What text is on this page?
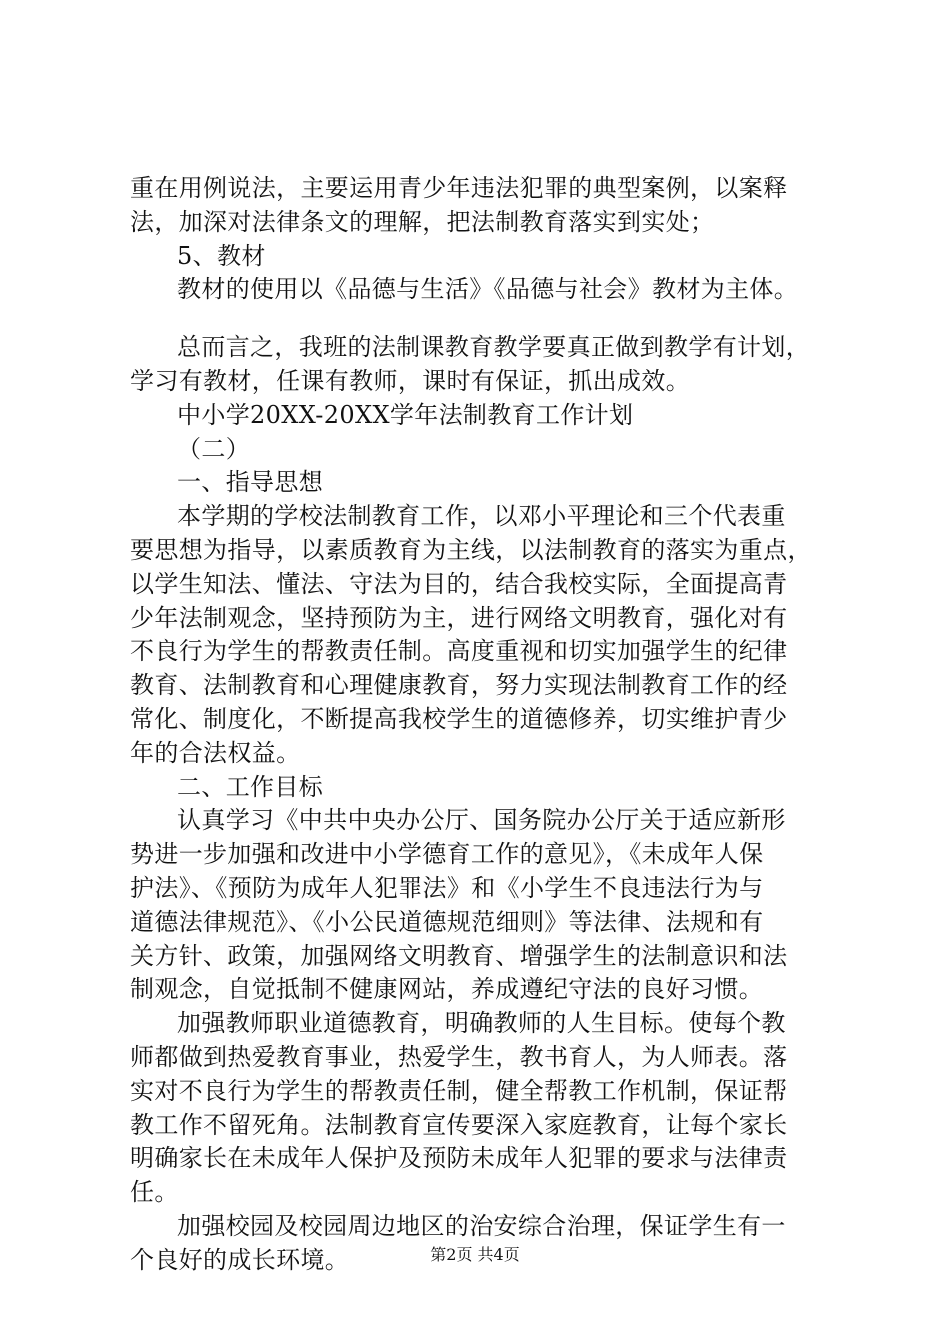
重在用例说法，主要运用青少年违法犯罪的典型案例，以案释
法，加深对法律条文的理解，把法制教育落实到实处；
5、教材
教材的使用以《品德与生活》《品德与社会》教材为主体。
总而言之，我班的法制课教育教学要真正做到教学有计划，
学习有教材，任课有教师，课时有保证，抓出成效。
中小学20XX-20XX学年法制教育工作计划
（二）
一、指导思想
本学期的学校法制教育工作，以邓小平理论和三个代表重
要思想为指导，以素质教育为主线，以法制教育的落实为重点，
以学生知法、懂法、守法为目的，结合我校实际，全面提高青
少年法制观念，坚持预防为主，进行网络文明教育，强化对有
不良行为学生的帮教责任制。高度重视和切实加强学生的纪律
教育、法制教育和心理健康教育，努力实现法制教育工作的经
常化、制度化，不断提高我校学生的道德修养，切实维护青少
年的合法权益。
二、工作目标
认真学习《中共中央办公厅、国务院办公厅关于适应新形
势进一步加强和改进中小学德育工作的意见》，《未成年人保
护法》、《预防为成年人犯罪法》和《小学生不良违法行为与
道德法律规范》、《小公民道德规范细则》等法律、法规和有
关方针、政策，加强网络文明教育、增强学生的法制意识和法
制观念，自觉抵制不健康网站，养成遵纪守法的良好习惯。
加强教师职业道德教育，明确教师的人生目标。使每个教
师都做到热爱教育事业，热爱学生，教书育人，为人师表。落
实对不良行为学生的帮教责任制，健全帮教工作机制，保证帮
教工作不留死角。法制教育宣传要深入家庭教育，让每个家长
明确家长在未成年人保护及预防未成年人犯罪的要求与法律责
任。
加强校园及校园周边地区的治安综合治理，保证学生有一
个良好的成长环境。	第2页 共4页
